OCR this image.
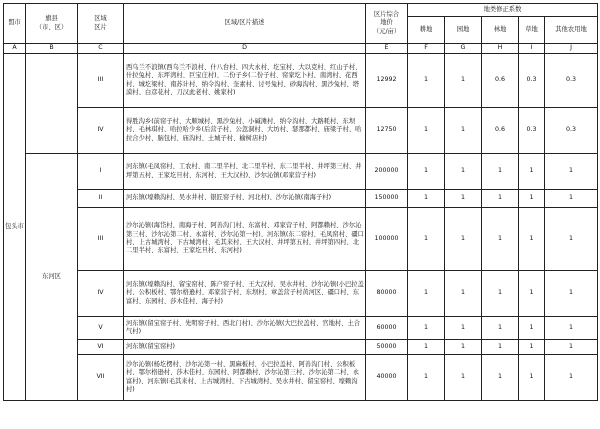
盟市	旗县
（市、区）	区域
区片	区域/区片描述	区片综合
地价
（元/亩）	地类修正系数				
					耕地	园地	林地	草地	其他农用地
A	B	C	D	E	F	G	H	I	J
包头市		III	西乌兰不浪镇(西乌兰不浪村、什八台村、四大永村、圪宝村、大以克村、红山子村、什拉兔村、东坪湾村、巨宝庄村)、二份子乡(二份子村、窑家圪卜村、南湾村、花西村、城圪梁村、南苏计村、纳令沟村、奎素村、讨号兔村、砂海沟村、黑沙兔村、塔漠村、白彦花村、刀汉此老村、姚家村)	12992	1	1	0.6	0.3	0.3
		IV	得胜沟乡(前窑子村、大顺城村、黑沙兔村、小碱滩村、纳令沟村、大路耗村、东坝村、毛林琪村、哈拉哈少乡(后营子村、公忽洞村、大坊村、瑟那都村、庙梁子村、哈拉合少村、脑包村、庙沟村、土城子村、榆树店村)	12750	1	1	0.6	0.3	0.3
	东河区	I	河东镇(毛凤窑村、工农村、南二里半村、北二里半村、东二里半村、井坪第三村、井坪第五村、王家圪旦村、东河村、王大汉村)、沙尔沁镇(邓家营子村)	200000	1	1	1	1	1
		II	河东镇(壕赖沟村、吴水井村、银匠窑子村、河北村)、沙尔沁镇(南海子村)	150000	1	1	1	1	1
		III	沙尔沁镇(海岱村、南海子村、阿善沟门村、东富村、邓家营子村、阿都赖村、沙尔沁第三村、沙尔沁第二村、永富村、沙尔沁第一村)、河东镇(东二窑村、毛凤窑村、礓口村、上古城湾村、下古城湾村、毛其来村、王大汉村、井坪第五村、井坪第四村、北二里半村、东富村、王家圪旦村、东河村)	100000	1	1	1	1	1
		IV	河东镇(壕赖沟村、留宝窑村、陈户窑子村、王大汉村、吴水井村、沙尔沁镇(小巴拉盖村、公积板村、鄂尔格逊村、邓家营子村、东坝村、章盖营子村黄河区、礓口村、东富村、东园村、莎木佳村、海子村)	80000	1	1	1	1	1
		V	河东镇(留宝窑子村、先明窑子村、西北门村)、沙尔沁镇(大巴拉盖村、官地村、土合气村)	60000	1	1	1	1	1
		VI	河东镇(留宝窑村)	50000	1	1	1	1	1
		VII	沙尔沁镇(杨圪楞村、沙尔沁第一村、黑麻板村、小巴拉盖村、阿善沟门村、公积板村、鄂尔格逊村、莎木佳村、东园村、阿都赖村、沙尔沁第三村、沙尔沁第二村、永富村)、河东镇(毛其来村、上古城湾村、下古城湾村、吴水井村、留宝窑村、壕赖沟村)	40000	1	1	1	1	1
